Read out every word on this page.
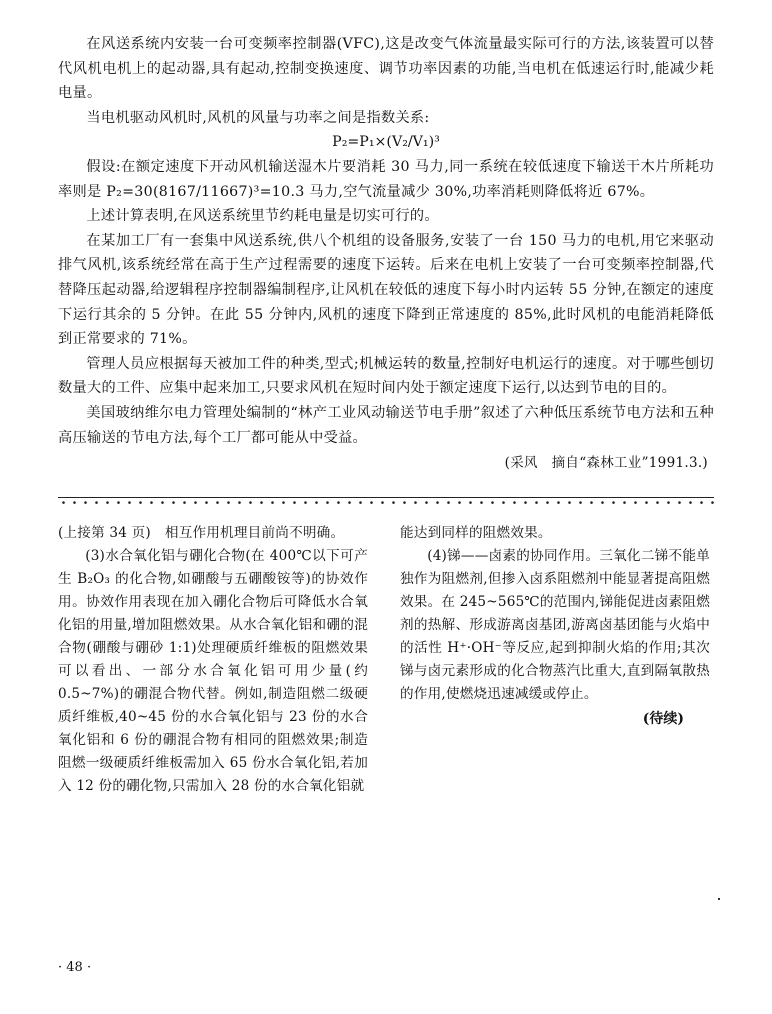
在风送系统内安装一台可变频率控制器(VFC),这是改变气体流量最实际可行的方法,该装置可以替代风机电机上的起动器,具有起动,控制变换速度、调节功率因素的功能,当电机在低速运行时,能减少耗电量。

当电机驱动风机时,风机的风量与功率之间是指数关系:

P₂=P₁×(V₂/V₁)³

假设:在额定速度下开动风机输送湿木片要消耗 30 马力,同一系统在较低速度下输送干木片所耗功率则是 P₂=30(8167/11667)³=10.3 马力,空气流量减少 30%,功率消耗则降低将近 67%。

上述计算表明,在风送系统里节约耗电量是切实可行的。

在某加工厂有一套集中风送系统,供八个机组的设备服务,安装了一台 150 马力的电机,用它来驱动排气风机,该系统经常在高于生产过程需要的速度下运转。后来在电机上安装了一台可变频率控制器,代替降压起动器,给逻辑程序控制器编制程序,让风机在较低的速度下每小时内运转 55 分钟,在额定的速度下运行其余的 5 分钟。在此 55 分钟内,风机的速度下降到正常速度的 85%,此时风机的电能消耗降低到正常要求的 71%。

管理人员应根据每天被加工件的种类,型式;机械运转的数量,控制好电机运行的速度。对于哪些刨切数量大的工件、应集中起来加工,只要求风机在短时间内处于额定速度下运行,以达到节电的目的。

美国玻纳维尔电力管理处编制的“林产工业风动输送节电手册”叙述了六种低压系统节电方法和五种高压输送的节电方法,每个工厂都可能从中受益。

(采风　摘自“森林工业”1991.3.)

(上接第 34 页) 相互作用机理目前尚不明确。

(3)水合氧化铝与硼化合物(在 400℃以下可产生 B₂O₃ 的化合物,如硼酸与五硼酸铵等)的协效作用。协效作用表现在加入硼化合物后可降低水合氧化铝的用量,增加阻燃效果。从水合氧化铝和硼的混合物(硼酸与硼砂 1:1)处理硬质纤维板的阻燃效果可以看出、一部分水合氧化铝可用少量(约 0.5~7%)的硼混合物代替。例如,制造阻燃二级硬质纤维板,40~45 份的水合氧化铝与 23 份的水合氧化铝和 6 份的硼混合物有相同的阻燃效果;制造阻燃一级硬质纤维板需加入 65 份水合氧化铝,若加入 12 份的硼化物,只需加入 28 份的水合氧化铝就

能达到同样的阻燃效果。

(4)锑——卤素的协同作用。三氧化二锑不能单独作为阻燃剂,但掺入卤系阻燃剂中能显著提高阻燃效果。在 245~565℃的范围内,锑能促进卤素阻燃剂的热解、形成游离卤基团,游离卤基团能与火焰中的活性 H⁺·OH⁻等反应,起到抑制火焰的作用;其次锑与卤元素形成的化合物蒸汽比重大,直到隔氧散热的作用,使燃烧迅速减缓或停止。

(待续)

· 48 ·
